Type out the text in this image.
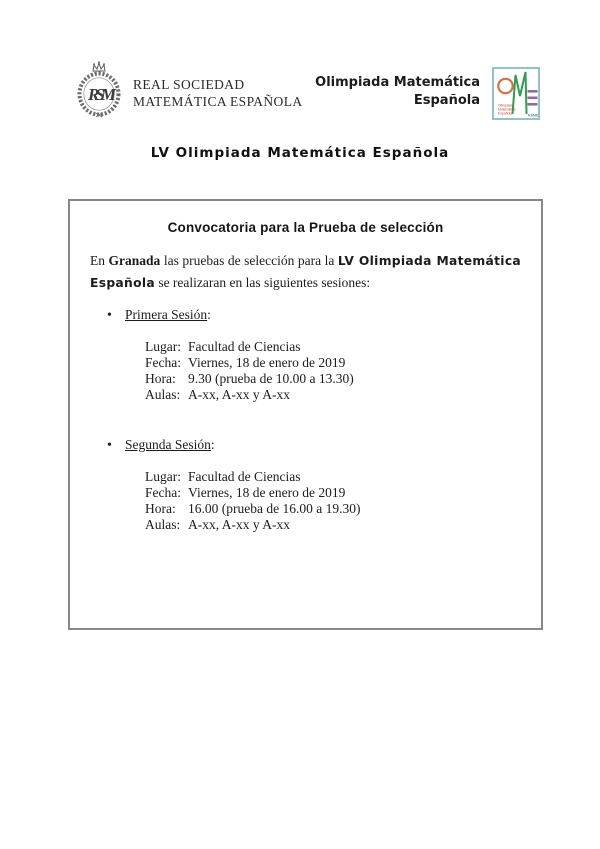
RSM
REAL SOCIEDAD
MATEMÁTICA ESPAÑOLA
Olimpiada Matemática
Española	Olimpiada
Matemática
Española	RSME
LV Olimpiada Matemática Española
Convocatoria para la Prueba de selección

En Granada las pruebas de selección para la LV Olimpiada Matemática Española se realizaran en las siguientes sesiones:

• Primera Sesión:
Lugar: Facultad de Ciencias
Fecha: Viernes, 18 de enero de 2019
Hora: 9.30 (prueba de 10.00 a 13.30)
Aulas: A-xx, A-xx y A-xx
• Segunda Sesión:
Lugar: Facultad de Ciencias
Fecha: Viernes, 18 de enero de 2019
Hora: 16.00 (prueba de 16.00 a 19.30)
Aulas: A-xx, A-xx y A-xx
